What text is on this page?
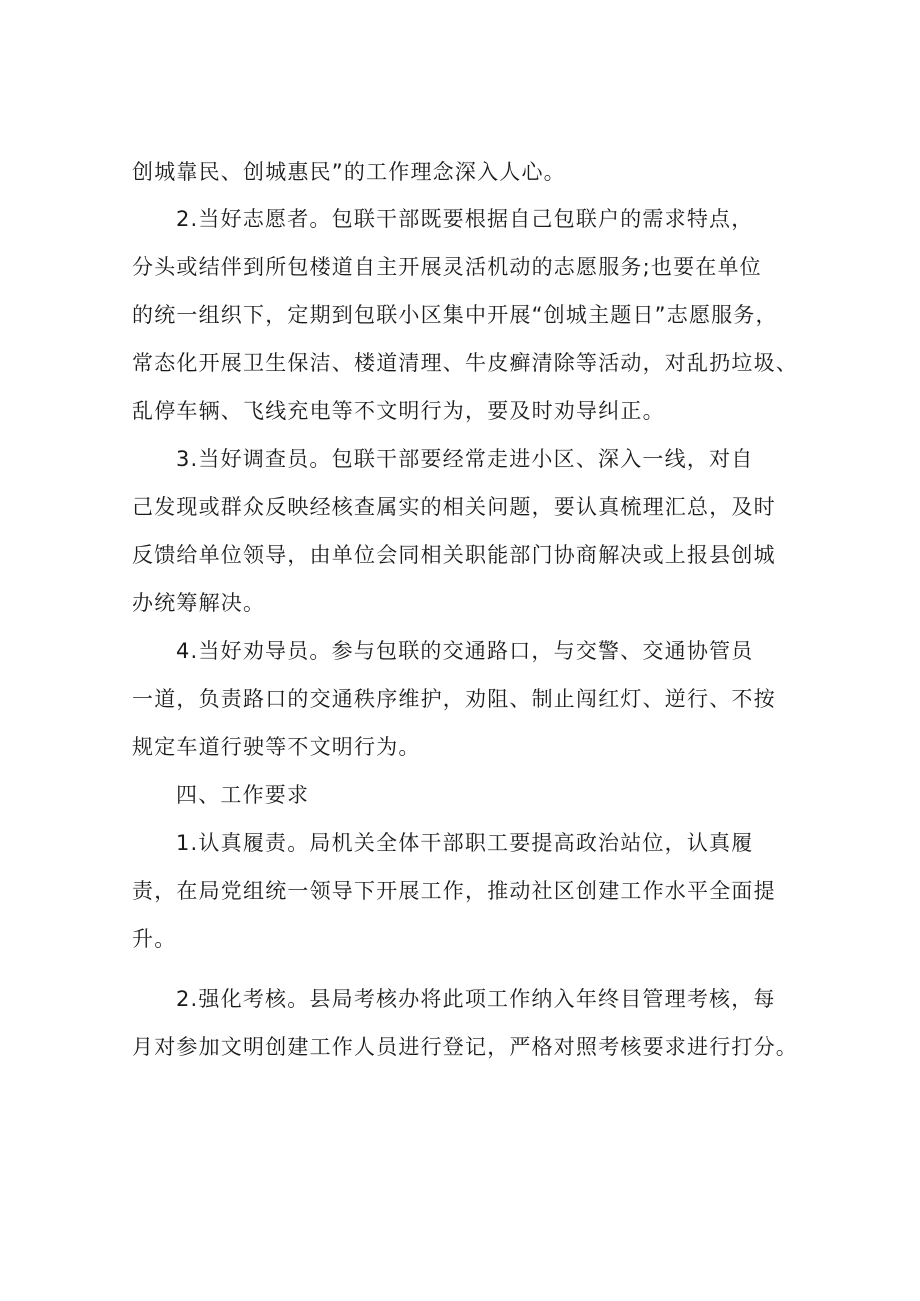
创城靠民、创城惠民”的工作理念深入人心。
2.当好志愿者。包联干部既要根据自己包联户的需求特点，
分头或结伴到所包楼道自主开展灵活机动的志愿服务;也要在单位
的统一组织下，定期到包联小区集中开展“创城主题日”志愿服务，
常态化开展卫生保洁、楼道清理、牛皮癣清除等活动，对乱扔垃圾、
乱停车辆、飞线充电等不文明行为，要及时劝导纠正。
3.当好调查员。包联干部要经常走进小区、深入一线，对自
己发现或群众反映经核查属实的相关问题，要认真梳理汇总，及时
反馈给单位领导，由单位会同相关职能部门协商解决或上报县创城
办统筹解决。
4.当好劝导员。参与包联的交通路口，与交警、交通协管员
一道，负责路口的交通秩序维护，劝阻、制止闯红灯、逆行、不按
规定车道行驶等不文明行为。
四、工作要求
1.认真履责。局机关全体干部职工要提高政治站位，认真履
责，在局党组统一领导下开展工作，推动社区创建工作水平全面提
升。
2.强化考核。县局考核办将此项工作纳入年终目管理考核，每
月对参加文明创建工作人员进行登记，严格对照考核要求进行打分。
